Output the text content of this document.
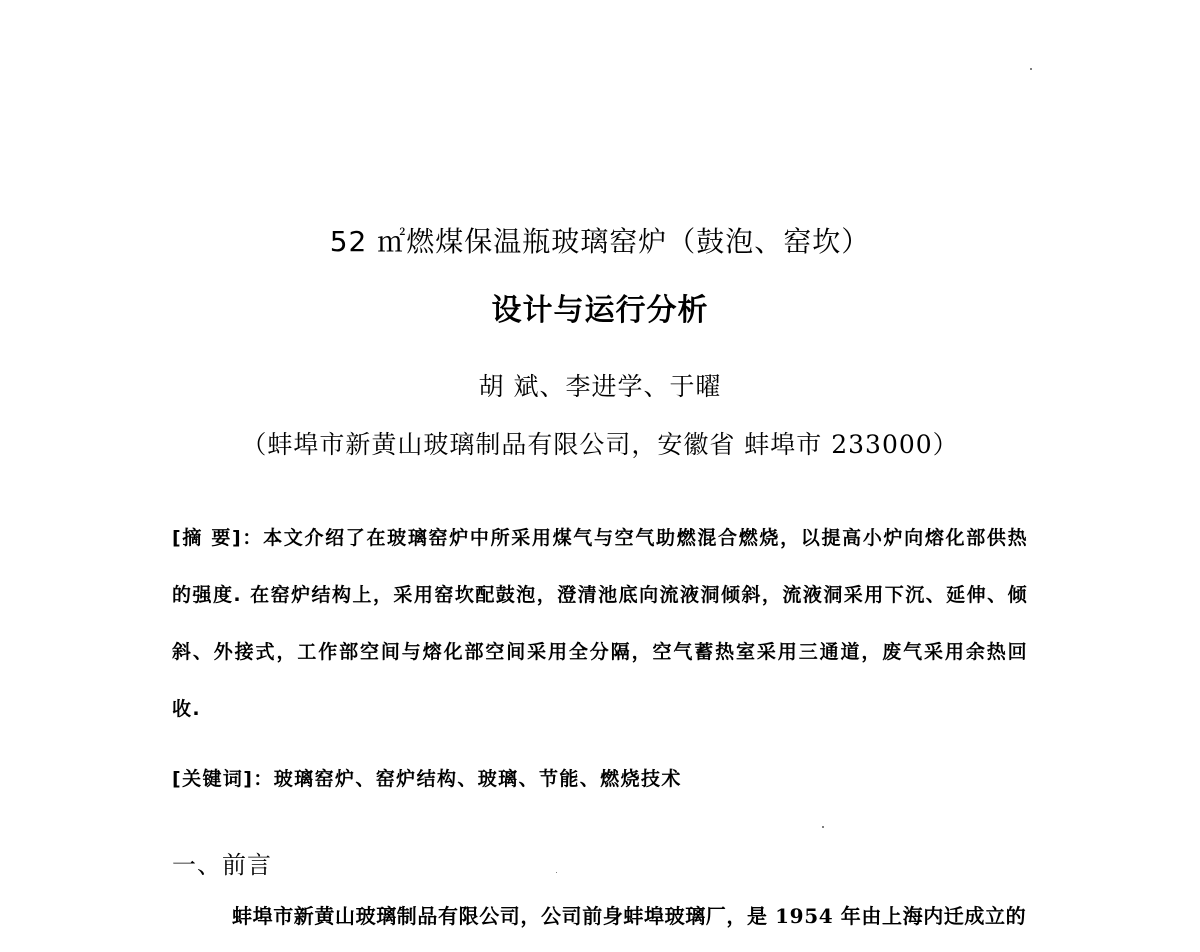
52 ㎡燃煤保温瓶玻璃窑炉（鼓泡、窑坎）
设计与运行分析
胡 斌、李进学、于曜
（蚌埠市新黄山玻璃制品有限公司，安徽省 蚌埠市 233000）
[摘 要]：本文介绍了在玻璃窑炉中所采用煤气与空气助燃混合燃烧，以提高小炉向熔化部供热的强度. 在窑炉结构上，采用窑坎配鼓泡，澄清池底向流液洞倾斜，流液洞采用下沉、延伸、倾斜、外接式，工作部空间与熔化部空间采用全分隔，空气蓄热室采用三通道，废气采用余热回收.
[关键词]：玻璃窑炉、窑炉结构、玻璃、节能、燃烧技术
一、前言
蚌埠市新黄山玻璃制品有限公司，公司前身蚌埠玻璃厂，是 1954 年由上海内迁成立的
